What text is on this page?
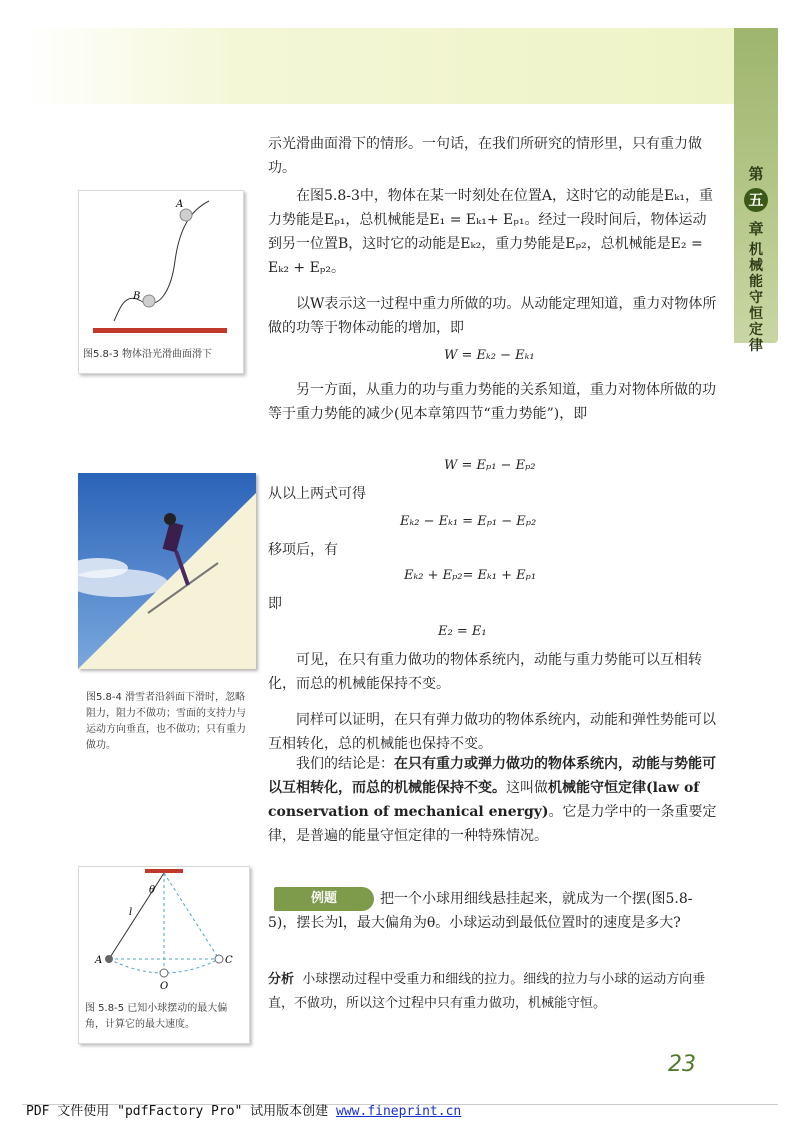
第
五
章
机
械
能
守
恒
定
律
A
B
图5.8-3 物体沿光滑曲面滑下
图5.8-4 滑雪者沿斜面下滑时，忽略阻力，阻力不做功；雪面的支持力与运动方向垂直，也不做功；只有重力做功。
θ
l
A	C
O
图 5.8-5 已知小球摆动的最大偏角，计算它的最大速度。
示光滑曲面滑下的情形。一句话，在我们所研究的情形里，只有重力做功。
在图5.8-3中，物体在某一时刻处在位置A，这时它的动能是Eₖ₁，重力势能是Eₚ₁，总机械能是E₁ = Eₖ₁+ Eₚ₁。经过一段时间后，物体运动到另一位置B，这时它的动能是Eₖ₂，重力势能是Eₚ₂，总机械能是E₂ = Eₖ₂ + Eₚ₂。
以W表示这一过程中重力所做的功。从动能定理知道，重力对物体所做的功等于物体动能的增加，即
W = Eₖ₂ − Eₖ₁
另一方面，从重力的功与重力势能的关系知道，重力对物体所做的功等于重力势能的减少(见本章第四节“重力势能”)，即
W = Eₚ₁ − Eₚ₂
从以上两式可得
Eₖ₂ − Eₖ₁ = Eₚ₁ − Eₚ₂
移项后，有
Eₖ₂ + Eₚ₂= Eₖ₁ + Eₚ₁
即
E₂ = E₁
可见，在只有重力做功的物体系统内，动能与重力势能可以互相转化，而总的机械能保持不变。
同样可以证明，在只有弹力做功的物体系统内，动能和弹性势能可以互相转化，总的机械能也保持不变。
我们的结论是：在只有重力或弹力做功的物体系统内，动能与势能可以互相转化，而总的机械能保持不变。这叫做机械能守恒定律(law of conservation of mechanical energy)。它是力学中的一条重要定律，是普遍的能量守恒定律的一种特殊情况。
例题	把一个小球用细线悬挂起来，就成为一个摆(图5.8-5)，摆长为l，最大偏角为θ。小球运动到最低位置时的速度是多大?
分析 小球摆动过程中受重力和细线的拉力。细线的拉力与小球的运动方向垂直，不做功，所以这个过程中只有重力做功，机械能守恒。
23
PDF 文件使用 "pdfFactory Pro" 试用版本创建 www.fineprint.cn
